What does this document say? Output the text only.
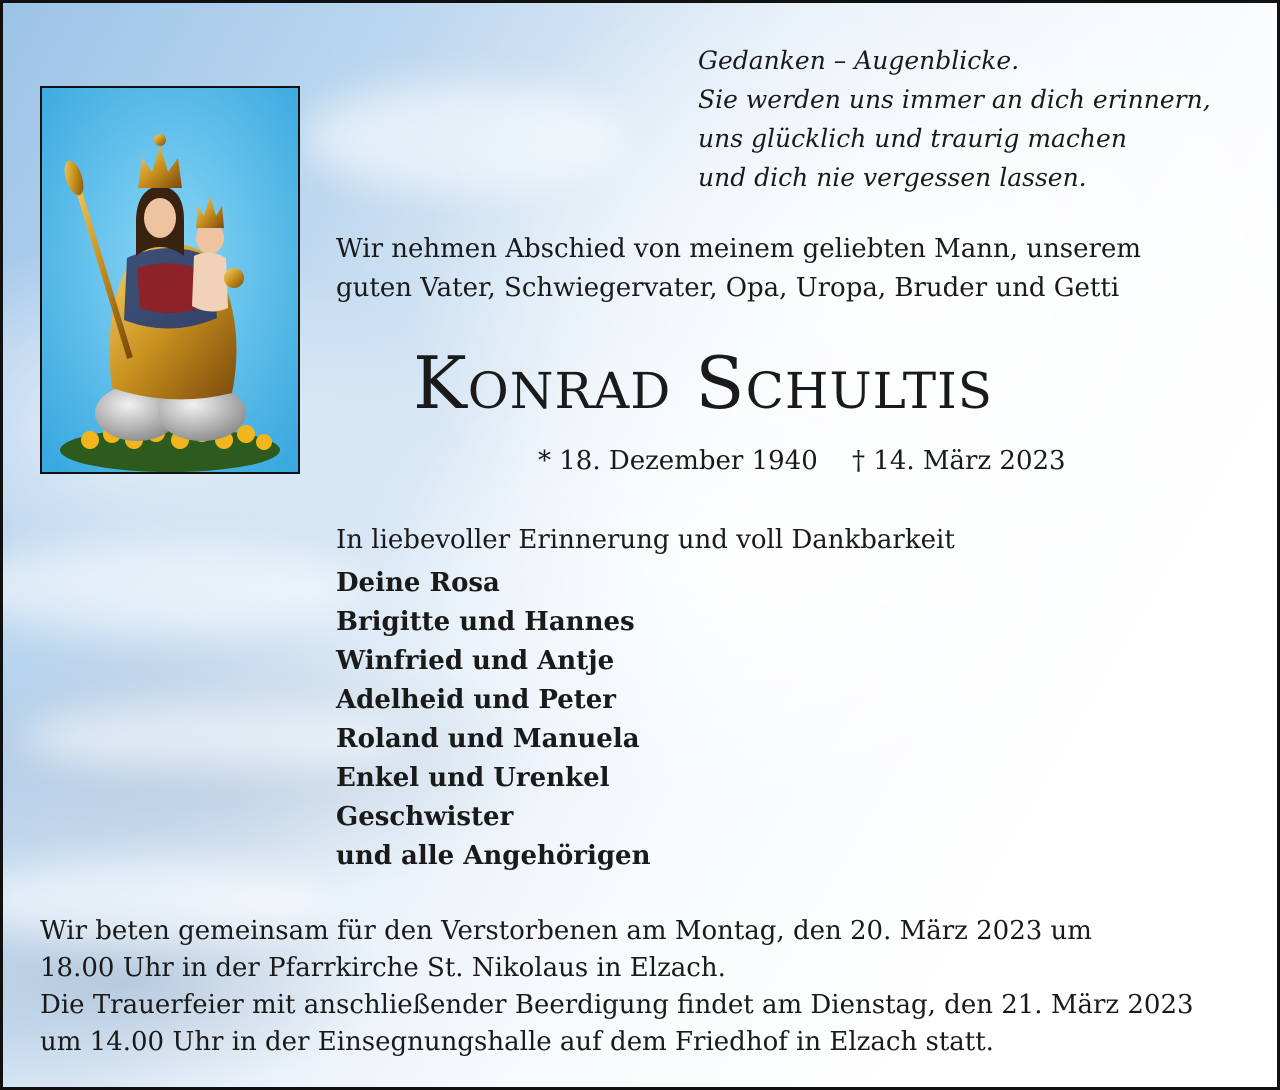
Gedanken – Augenblicke.
Sie werden uns immer an dich erinnern,
uns glücklich und traurig machen
und dich nie vergessen lassen.
Wir nehmen Abschied von meinem geliebten Mann, unserem
guten Vater, Schwiegervater, Opa, Uropa, Bruder und Getti
Konrad Schultis
* 18. Dezember 1940 † 14. März 2023
In liebevoller Erinnerung und voll Dankbarkeit
Deine Rosa
Brigitte und Hannes
Winfried und Antje
Adelheid und Peter
Roland und Manuela
Enkel und Urenkel
Geschwister
und alle Angehörigen
Wir beten gemeinsam für den Verstorbenen am Montag, den 20. März 2023 um
18.00 Uhr in der Pfarrkirche St. Nikolaus in Elzach.
Die Trauerfeier mit anschließender Beerdigung findet am Dienstag, den 21. März 2023
um 14.00 Uhr in der Einsegnungshalle auf dem Friedhof in Elzach statt.
